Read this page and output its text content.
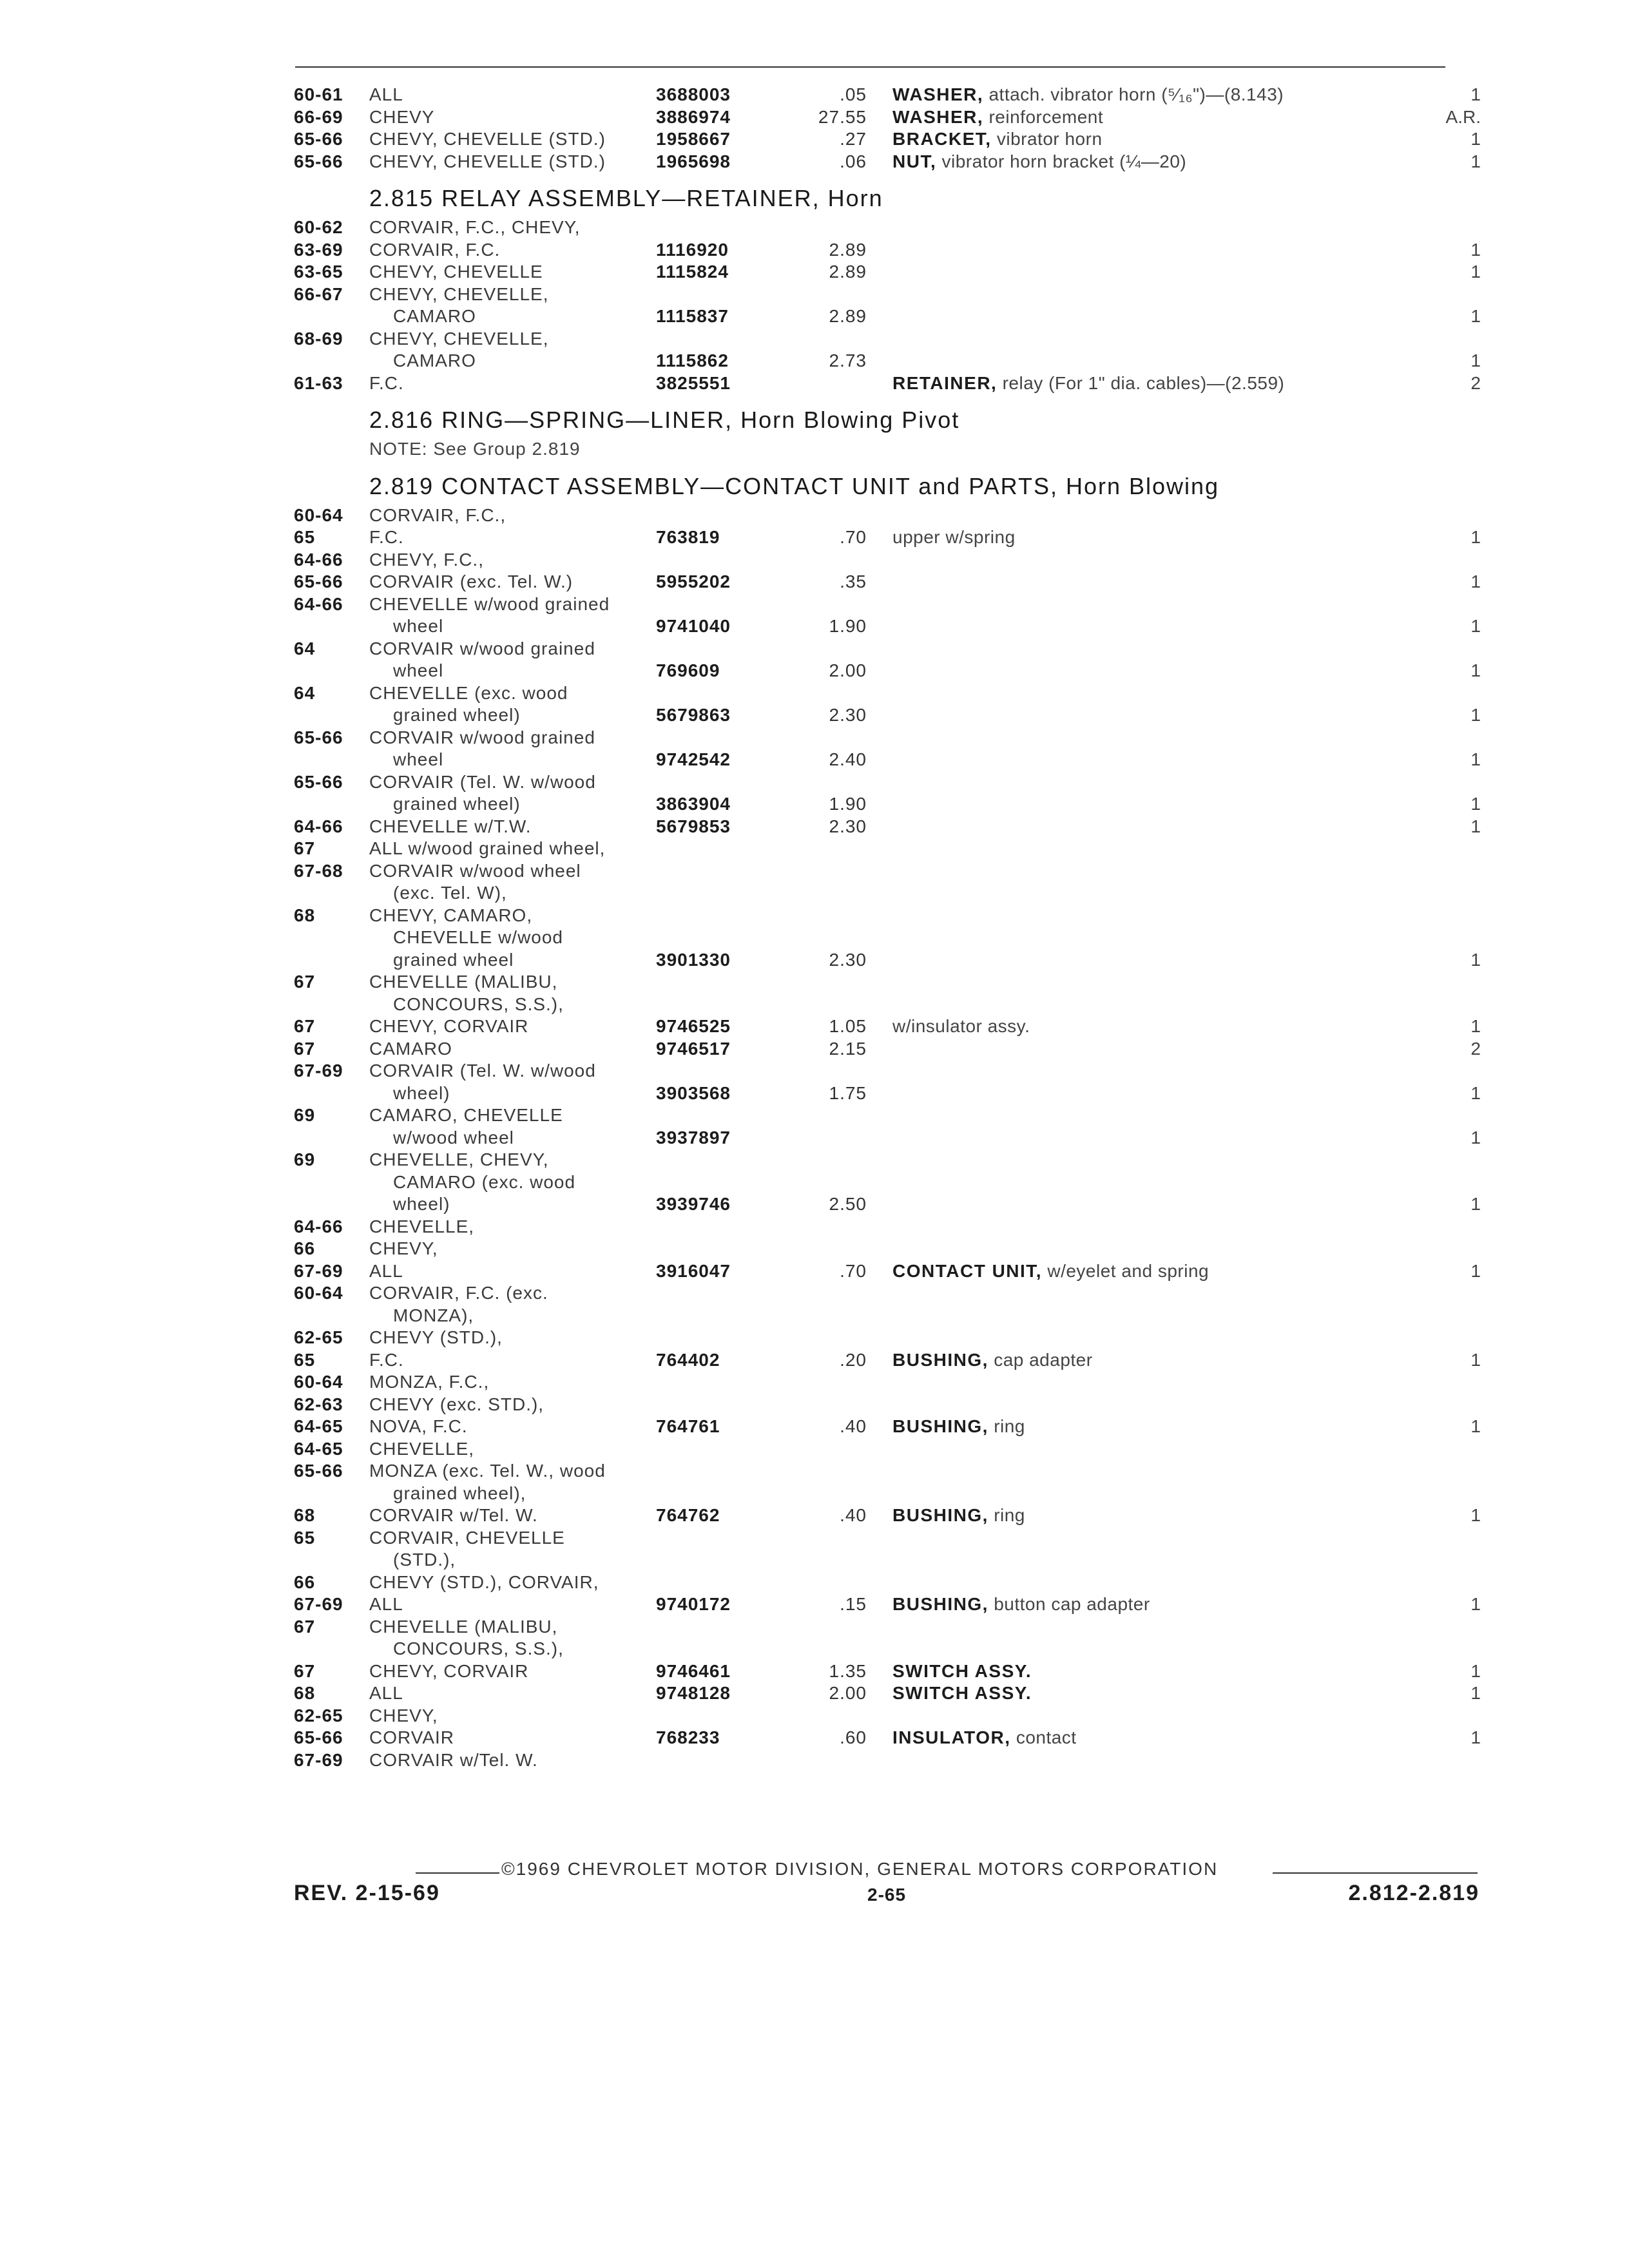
60-61 ALL	3688003	.05 WASHER, attach. vibrator horn (⁵⁄₁₆")—(8.143)	1
66-69 CHEVY	3886974	27.55 WASHER, reinforcement	A.R.
65-66 CHEVY, CHEVELLE (STD.)	1958667	.27 BRACKET, vibrator horn	1
65-66 CHEVY, CHEVELLE (STD.)	1965698	.06 NUT, vibrator horn bracket (¼—20)	1
2.815 RELAY ASSEMBLY—RETAINER, Horn
60-62 CORVAIR, F.C., CHEVY,
63-69 CORVAIR, F.C.	1116920	2.89	1
63-65 CHEVY, CHEVELLE	1115824	2.89	1
66-67 CHEVY, CHEVELLE,
CAMARO	1115837	2.89	1
68-69 CHEVY, CHEVELLE,
CAMARO	1115862	2.73	1
61-63 F.C.	3825551	RETAINER, relay (For 1" dia. cables)—(2.559)	2
2.816 RING—SPRING—LINER, Horn Blowing Pivot
NOTE: See Group 2.819
2.819 CONTACT ASSEMBLY—CONTACT UNIT and PARTS, Horn Blowing
60-64 CORVAIR, F.C.,
65	F.C.	763819	.70 upper w/spring	1
64-66 CHEVY, F.C.,
65-66 CORVAIR (exc. Tel. W.)	5955202	.35	1
64-66 CHEVELLE w/wood grained
wheel	9741040	1.90	1
64	CORVAIR w/wood grained
wheel	769609	2.00	1
64	CHEVELLE (exc. wood
grained wheel)	5679863	2.30	1
65-66 CORVAIR w/wood grained
wheel	9742542	2.40	1
65-66 CORVAIR (Tel. W. w/wood
grained wheel)	3863904	1.90	1
64-66 CHEVELLE w/T.W.	5679853	2.30	1
67	ALL w/wood grained wheel,
67-68 CORVAIR w/wood wheel
(exc. Tel. W),
68	CHEVY, CAMARO,
CHEVELLE w/wood
grained wheel	3901330	2.30	1
67	CHEVELLE (MALIBU,
CONCOURS, S.S.),
67	CHEVY, CORVAIR	9746525	1.05 w/insulator assy.	1
67	CAMARO	9746517	2.15	2
67-69 CORVAIR (Tel. W. w/wood
wheel)	3903568	1.75	1
69	CAMARO, CHEVELLE
w/wood wheel	3937897	1
69	CHEVELLE, CHEVY,
CAMARO (exc. wood
wheel)	3939746	2.50	1
64-66 CHEVELLE,
66	CHEVY,
67-69 ALL	3916047	.70 CONTACT UNIT, w/eyelet and spring	1
60-64 CORVAIR, F.C. (exc.
MONZA),
62-65 CHEVY (STD.),
65	F.C.	764402	.20 BUSHING, cap adapter	1
60-64 MONZA, F.C.,
62-63 CHEVY (exc. STD.),
64-65 NOVA, F.C.	764761	.40 BUSHING, ring	1
64-65 CHEVELLE,
65-66 MONZA (exc. Tel. W., wood
grained wheel),
68	CORVAIR w/Tel. W.	764762	.40 BUSHING, ring	1
65	CORVAIR, CHEVELLE
(STD.),
66	CHEVY (STD.), CORVAIR,
67-69 ALL	9740172	.15 BUSHING, button cap adapter	1
67	CHEVELLE (MALIBU,
CONCOURS, S.S.),
67	CHEVY, CORVAIR	9746461	1.35 SWITCH ASSY.	1
68	ALL	9748128	2.00 SWITCH ASSY.	1
62-65 CHEVY,
65-66 CORVAIR	768233	.60 INSULATOR, contact	1
67-69 CORVAIR w/Tel. W.
©1969 CHEVROLET MOTOR DIVISION, GENERAL MOTORS CORPORATION
REV. 2-15-69	2-65	2.812-2.819
